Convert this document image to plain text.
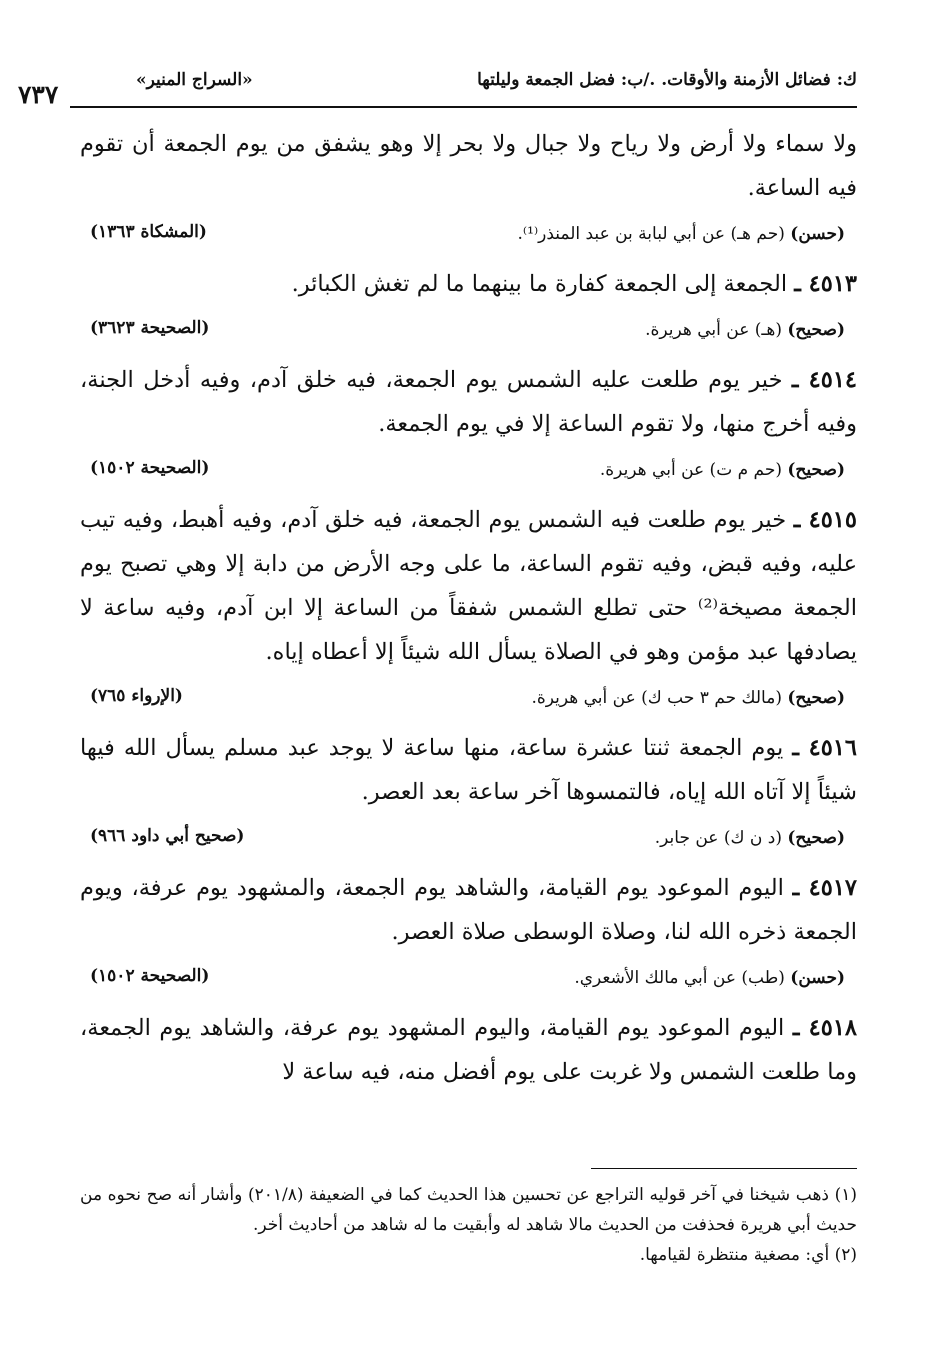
ك: فضائل الأزمنة والأوقات. ./ب: فضل الجمعة وليلتها
«السراج المنير»
٧٣٧

ولا سماء ولا أرض ولا رياح ولا جبال ولا بحر إلا وهو يشفق من يوم الجمعة أن تقوم فيه الساعة.

(حسن) (حم هـ) عن أبي لبابة بن عبد المنذر⁽¹⁾.
(المشكاة ١٣٦٣)

٤٥١٣ ـ الجمعة إلى الجمعة كفارة ما بينهما ما لم تغش الكبائر.

(صحيح) (هـ) عن أبي هريرة.
(الصحيحة ٣٦٢٣)

٤٥١٤ ـ خير يوم طلعت عليه الشمس يوم الجمعة، فيه خلق آدم، وفيه أدخل الجنة، وفيه أخرج منها، ولا تقوم الساعة إلا في يوم الجمعة.

(صحيح) (حم م ت) عن أبي هريرة.
(الصحيحة ١٥٠٢)

٤٥١٥ ـ خير يوم طلعت فيه الشمس يوم الجمعة، فيه خلق آدم، وفيه أهبط، وفيه تيب عليه، وفيه قبض، وفيه تقوم الساعة، ما على وجه الأرض من دابة إلا وهي تصبح يوم الجمعة مصيخة⁽²⁾ حتى تطلع الشمس شفقاً من الساعة إلا ابن آدم، وفيه ساعة لا يصادفها عبد مؤمن وهو في الصلاة يسأل الله شيئاً إلا أعطاه إياه.

(صحيح) (مالك حم ٣ حب ك) عن أبي هريرة.
(الإرواء ٧٦٥)

٤٥١٦ ـ يوم الجمعة ثنتا عشرة ساعة، منها ساعة لا يوجد عبد مسلم يسأل الله فيها شيئاً إلا آتاه الله إياه، فالتمسوها آخر ساعة بعد العصر.

(صحيح) (د ن ك) عن جابر.
(صحيح أبي داود ٩٦٦)

٤٥١٧ ـ اليوم الموعود يوم القيامة، والشاهد يوم الجمعة، والمشهود يوم عرفة، ويوم الجمعة ذخره الله لنا، وصلاة الوسطى صلاة العصر.

(حسن) (طب) عن أبي مالك الأشعري.
(الصحيحة ١٥٠٢)

٤٥١٨ ـ اليوم الموعود يوم القيامة، واليوم المشهود يوم عرفة، والشاهد يوم الجمعة، وما طلعت الشمس ولا غربت على يوم أفضل منه، فيه ساعة لا

(١) ذهب شيخنا في آخر قوليه التراجع عن تحسين هذا الحديث كما في الضعيفة (٢٠١/٨) وأشار أنه صح نحوه من حديث أبي هريرة فحذفت من الحديث مالا شاهد له وأبقيت ما له شاهد من أحاديث أخر.

(٢) أي: مصغية منتظرة لقيامها.
